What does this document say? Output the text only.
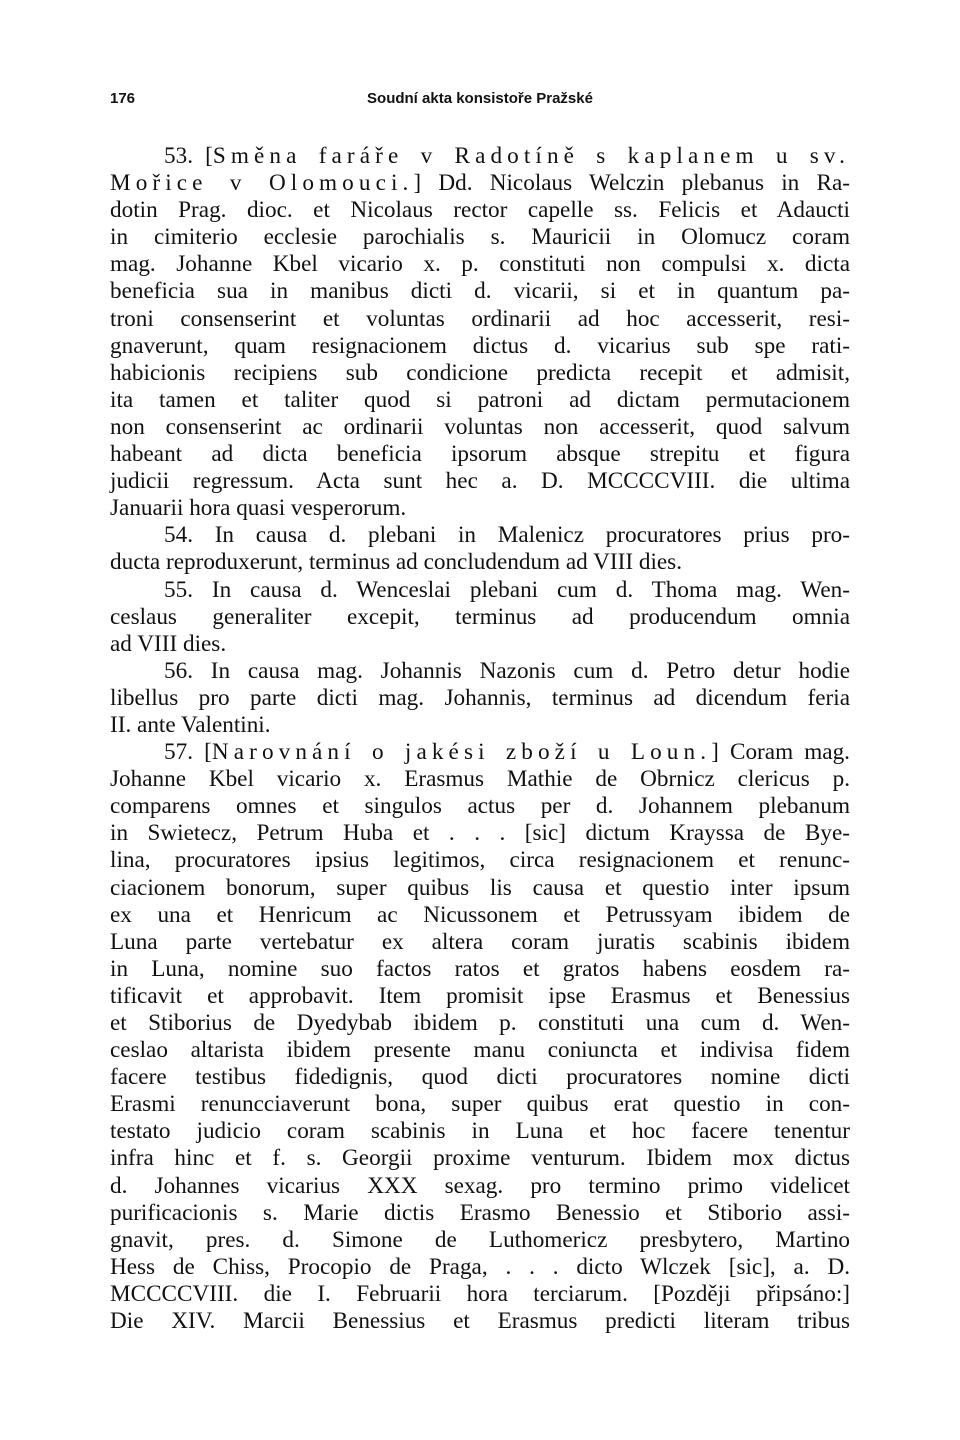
176	Soudní akta konsistoře Pražské
53. [Směna faráře v Radotíně s kaplanem u sv.
Mořice v Olomouci.] Dd. Nicolaus Welczin plebanus in Ra-
dotin Prag. dioc. et Nicolaus rector capelle ss. Felicis et Adaucti
in cimiterio ecclesie parochialis s. Mauricii in Olomucz coram
mag. Johanne Kbel vicario x. p. constituti non compulsi x. dicta
beneficia sua in manibus dicti d. vicarii, si et in quantum pa-
troni consenserint et voluntas ordinarii ad hoc accesserit, resi-
gnaverunt, quam resignacionem dictus d. vicarius sub spe rati-
habicionis recipiens sub condicione predicta recepit et admisit,
ita tamen et taliter quod si patroni ad dictam permutacionem
non consenserint ac ordinarii voluntas non accesserit, quod salvum
habeant ad dicta beneficia ipsorum absque strepitu et figura
judicii regressum. Acta sunt hec a. D. MCCCCVIII. die ultima
Januarii hora quasi vesperorum.
54. In causa d. plebani in Malenicz procuratores prius pro-
ducta reproduxerunt, terminus ad concludendum ad VIII dies.
55. In causa d. Wenceslai plebani cum d. Thoma mag. Wen-
ceslaus generaliter excepit, terminus ad producendum omnia
ad VIII dies.
56. In causa mag. Johannis Nazonis cum d. Petro detur hodie
libellus pro parte dicti mag. Johannis, terminus ad dicendum feria
II. ante Valentini.
57. [Narovnání o jakési zboží u Loun.] Coram mag.
Johanne Kbel vicario x. Erasmus Mathie de Obrnicz clericus p.
comparens omnes et singulos actus per d. Johannem plebanum
in Swietecz, Petrum Huba et . . . [sic] dictum Krayssa de Bye-
lina, procuratores ipsius legitimos, circa resignacionem et renunc-
ciacionem bonorum, super quibus lis causa et questio inter ipsum
ex una et Henricum ac Nicussonem et Petrussyam ibidem de
Luna parte vertebatur ex altera coram juratis scabinis ibidem
in Luna, nomine suo factos ratos et gratos habens eosdem ra-
tificavit et approbavit. Item promisit ipse Erasmus et Benessius
et Stiborius de Dyedybab ibidem p. constituti una cum d. Wen-
ceslao altarista ibidem presente manu coniuncta et indivisa fidem
facere testibus fidedignis, quod dicti procuratores nomine dicti
Erasmi renuncciaverunt bona, super quibus erat questio in con-
testato judicio coram scabinis in Luna et hoc facere tenentur
infra hinc et f. s. Georgii proxime venturum. Ibidem mox dictus
d. Johannes vicarius XXX sexag. pro termino primo videlicet
purificacionis s. Marie dictis Erasmo Benessio et Stiborio assi-
gnavit, pres. d. Simone de Luthomericz presbytero, Martino
Hess de Chiss, Procopio de Praga, . . . dicto Wlczek [sic], a. D.
MCCCCVIII. die I. Februarii hora terciarum. [Později připsáno:]
Die XIV. Marcii Benessius et Erasmus predicti literam tribus
